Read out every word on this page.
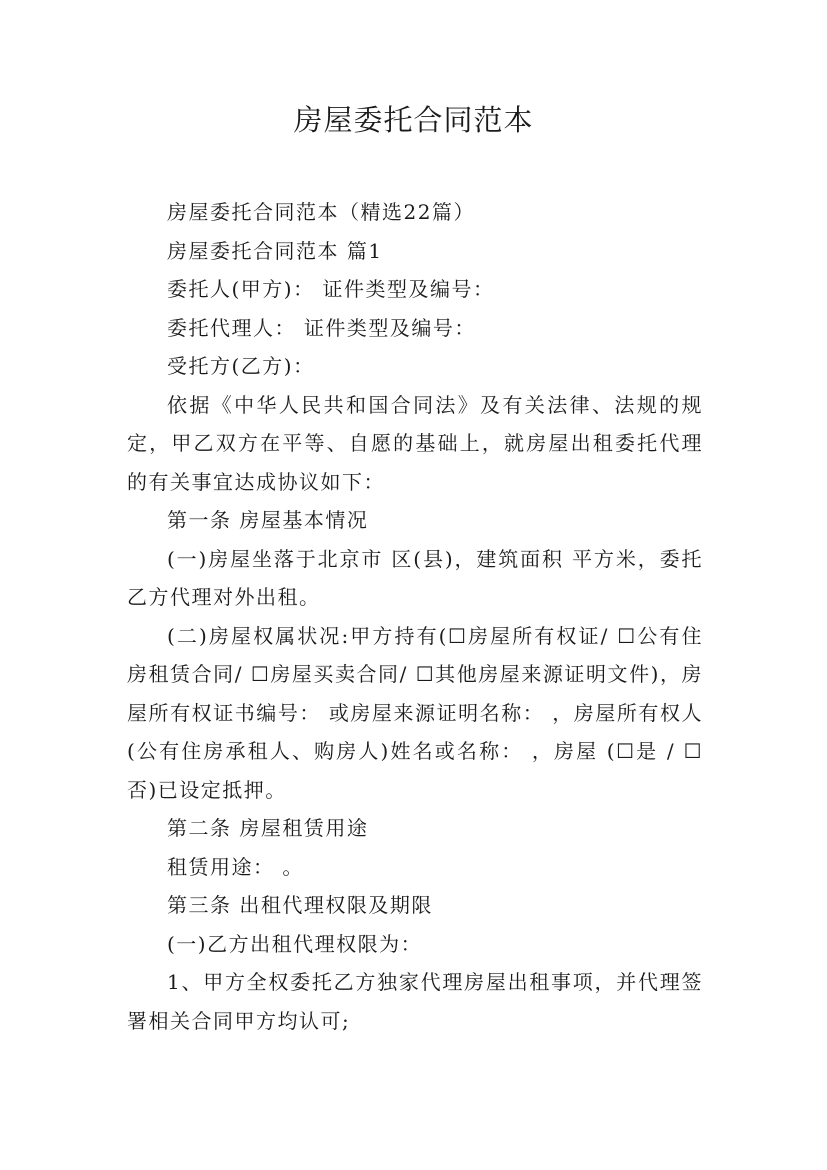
房屋委托合同范本

房屋委托合同范本（精选22篇）

房屋委托合同范本 篇1

委托人(甲方)： 证件类型及编号：

委托代理人： 证件类型及编号：

受托方(乙方)：

依据《中华人民共和国合同法》及有关法律、法规的规定，甲乙双方在平等、自愿的基础上，就房屋出租委托代理的有关事宜达成协议如下：

第一条 房屋基本情况

(一)房屋坐落于北京市 区(县)，建筑面积 平方米，委托乙方代理对外出租。

(二)房屋权属状况:甲方持有(☐房屋所有权证/ ☐公有住房租赁合同/ ☐房屋买卖合同/ ☐其他房屋来源证明文件)，房屋所有权证书编号： 或房屋来源证明名称： ，房屋所有权人(公有住房承租人、购房人)姓名或名称： ，房屋 (☐是 / ☐否)已设定抵押。

第二条 房屋租赁用途

租赁用途： 。

第三条 出租代理权限及期限

(一)乙方出租代理权限为：

1、甲方全权委托乙方独家代理房屋出租事项，并代理签署相关合同甲方均认可;
